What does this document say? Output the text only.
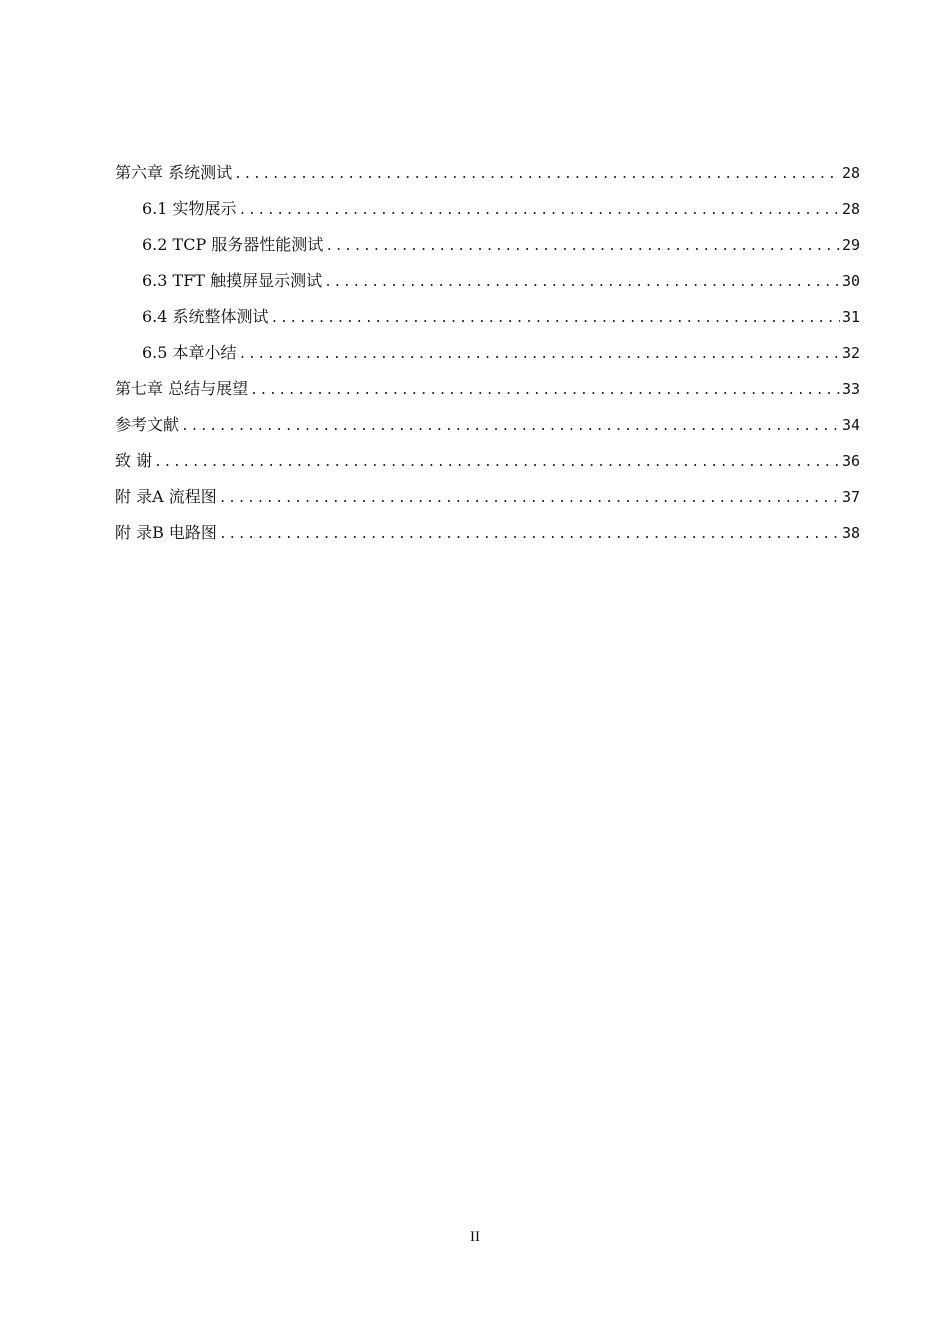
第六章 系统测试 .....	28
6.1 实物展示 .....	28
6.2 TCP 服务器性能测试 .....	29
6.3 TFT 触摸屏显示测试 .....	30
6.4 系统整体测试 .....	31
6.5 本章小结 .....	32
第七章 总结与展望 .....	33
参考文献 .....	34
致 谢 .....	36
附 录A 流程图 .....	37
附 录B 电路图 .....	38
II
